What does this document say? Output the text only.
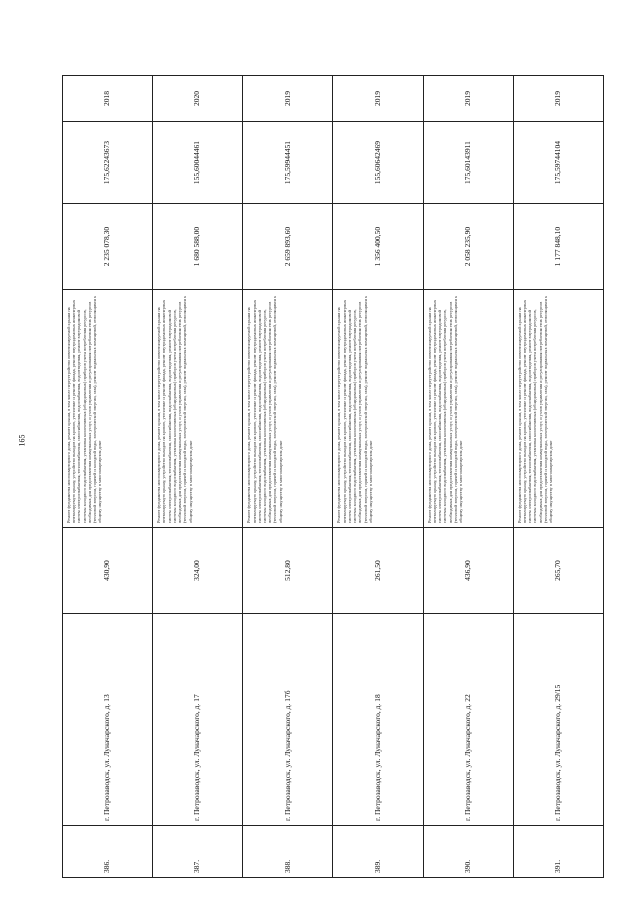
165
386.	г. Петрозаводск, ул. Луначарского, д. 13	430,90	Ремонт фундамента многоквартирного дома, ремонт крыши, в том числе переустройство невентилируемой крыши на вентилируемую крышу, устройство выходов на кровлю, утепление и ремонт фасада, ремонт внутридомовых инженерных систем электроснабжения, теплоснабжения, газоснабжения, водоснабжения, водоотведения, ремонт внутридомовой системы холодного водоснабжения, установка коллективных (общедомовых) приборов учета потребления ресурсов, необходимых для предоставления коммунальных услуг, и узлов управления и регулирования потребления этих ресурсов (тепловой энергии, горячей и холодной воды, электрической энергии, газа), ремонт подвальных помещений, относящихся к общему имуществу в многоквартирном доме	2 235 078,30	175,62243673	2018
387.	г. Петрозаводск, ул. Луначарского, д. 17	324,00	Ремонт фундамента многоквартирного дома, ремонт крыши, в том числе переустройство невентилируемой крыши на вентилируемую крышу, устройство выходов на кровлю, утепление и ремонт фасада, ремонт внутридомовых инженерных систем электроснабжения, теплоснабжения, газоснабжения, водоснабжения, водоотведения, ремонт внутридомовой системы холодного водоснабжения, установка коллективных (общедомовых) приборов учета потребления ресурсов, необходимых для предоставления коммунальных услуг, и узлов управления и регулирования потребления этих ресурсов (тепловой энергии, горячей и холодной воды, электрической энергии, газа), ремонт подвальных помещений, относящихся к общему имуществу в многоквартирном доме	1 680 588,00	155,60044461	2020
388.	г. Петрозаводск, ул. Луначарского, д. 17б	512,80	Ремонт фундамента многоквартирного дома, ремонт крыши, в том числе переустройство невентилируемой крыши на вентилируемую крышу, устройство выходов на кровлю, утепление и ремонт фасада, ремонт внутридомовых инженерных систем электроснабжения, теплоснабжения, газоснабжения, водоснабжения, водоотведения, ремонт внутридомовой системы холодного водоснабжения, установка коллективных (общедомовых) приборов учета потребления ресурсов, необходимых для предоставления коммунальных услуг, и узлов управления и регулирования потребления этих ресурсов (тепловой энергии, горячей и холодной воды, электрической энергии, газа), ремонт подвальных помещений, относящихся к общему имуществу в многоквартирном доме	2 659 893,60	175,59944451	2019
389.	г. Петрозаводск, ул. Луначарского, д. 18	261,50	Ремонт фундамента многоквартирного дома, ремонт крыши, в том числе переустройство невентилируемой крыши на вентилируемую крышу, устройство выходов на кровлю, утепление и ремонт фасада, ремонт внутридомовых инженерных систем электроснабжения, теплоснабжения, газоснабжения, водоснабжения, водоотведения, ремонт внутридомовой системы холодного водоснабжения, установка коллективных (общедомовых) приборов учета потребления ресурсов, необходимых для предоставления коммунальных услуг, и узлов управления и регулирования потребления этих ресурсов (тепловой энергии, горячей и холодной воды, электрической энергии, газа), ремонт подвальных помещений, относящихся к общему имуществу в многоквартирном доме	1 356 400,50	155,60642469	2019
390.	г. Петрозаводск, ул. Луначарского, д. 22	436,90	Ремонт фундамента многоквартирного дома, ремонт крыши, в том числе переустройство невентилируемой крыши на вентилируемую крышу, устройство выходов на кровлю, утепление и ремонт фасада, ремонт внутридомовых инженерных систем электроснабжения, теплоснабжения, газоснабжения, водоснабжения, водоотведения, ремонт внутридомовой системы холодного водоснабжения, установка коллективных (общедомовых) приборов учета потребления ресурсов, необходимых для предоставления коммунальных услуг, и узлов управления и регулирования потребления этих ресурсов (тепловой энергии, горячей и холодной воды, электрической энергии, газа), ремонт подвальных помещений, относящихся к общему имуществу в многоквартирном доме	2 058 235,90	175,60143911	2019
391.	г. Петрозаводск, ул. Луначарского, д. 29/15	265,70	Ремонт фундамента многоквартирного дома, ремонт крыши, в том числе переустройство невентилируемой крыши на вентилируемую крышу, устройство выходов на кровлю, утепление и ремонт фасада, ремонт внутридомовых инженерных систем электроснабжения, теплоснабжения, газоснабжения, водоснабжения, водоотведения, ремонт внутридомовой системы холодного водоснабжения, установка коллективных (общедомовых) приборов учета потребления ресурсов, необходимых для предоставления коммунальных услуг, и узлов управления и регулирования потребления этих ресурсов (тепловой энергии, горячей и холодной воды, электрической энергии, газа), ремонт подвальных помещений, относящихся к общему имуществу в многоквартирном доме	1 177 848,10	175,59744104	2019
